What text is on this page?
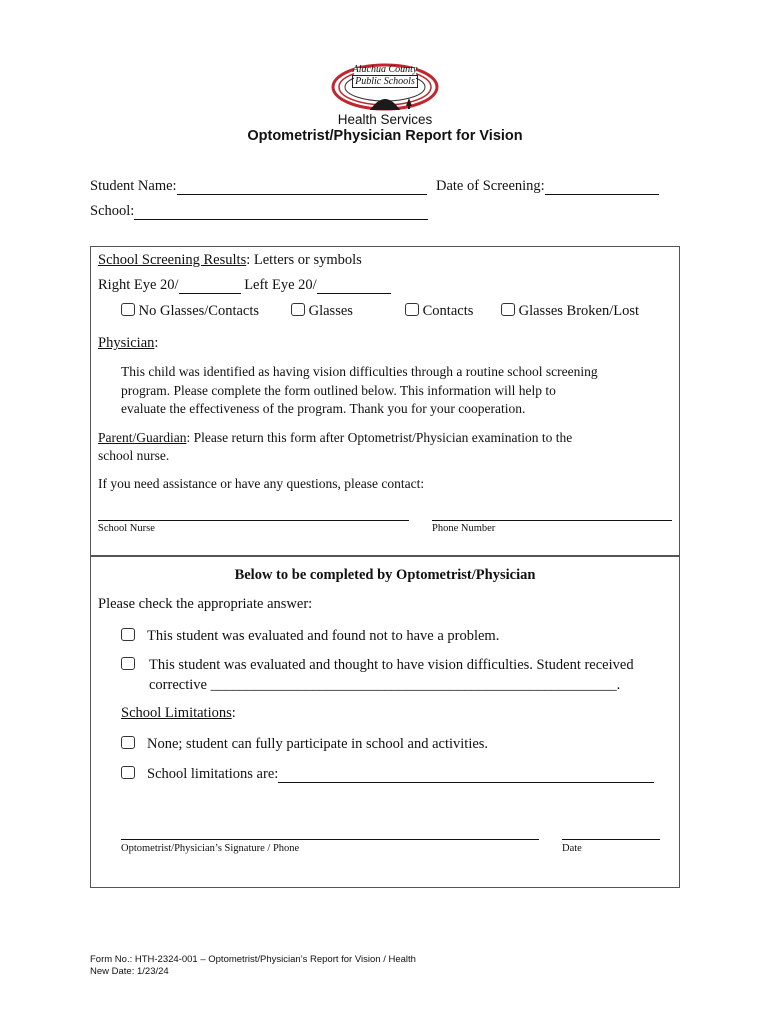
Alachua County
Public Schools
Health Services
Optometrist/Physician Report for Vision
Student Name:	Date of Screening:
School:
School Screening Results: Letters or symbols
Right Eye 20/	Left Eye 20/
No Glasses/Contacts	Glasses	Contacts	Glasses Broken/Lost
Physician:
This child was identified as having vision difficulties through a routine school screening
program. Please complete the form outlined below. This information will help to
evaluate the effectiveness of the program. Thank you for your cooperation.
Parent/Guardian: Please return this form after Optometrist/Physician examination to the
school nurse.
If you need assistance or have any questions, please contact:
School Nurse	Phone Number
Below to be completed by Optometrist/Physician
Please check the appropriate answer:
This student was evaluated and found not to have a problem.
This student was evaluated and thought to have vision difficulties. Student received
corrective ________________________________________________________.
School Limitations:
None; student can fully participate in school and activities.
School limitations are:
Optometrist/Physician’s Signature / Phone	Date
Form No.: HTH-2324-001 – Optometrist/Physician’s Report for Vision / Health
New Date: 1/23/24
